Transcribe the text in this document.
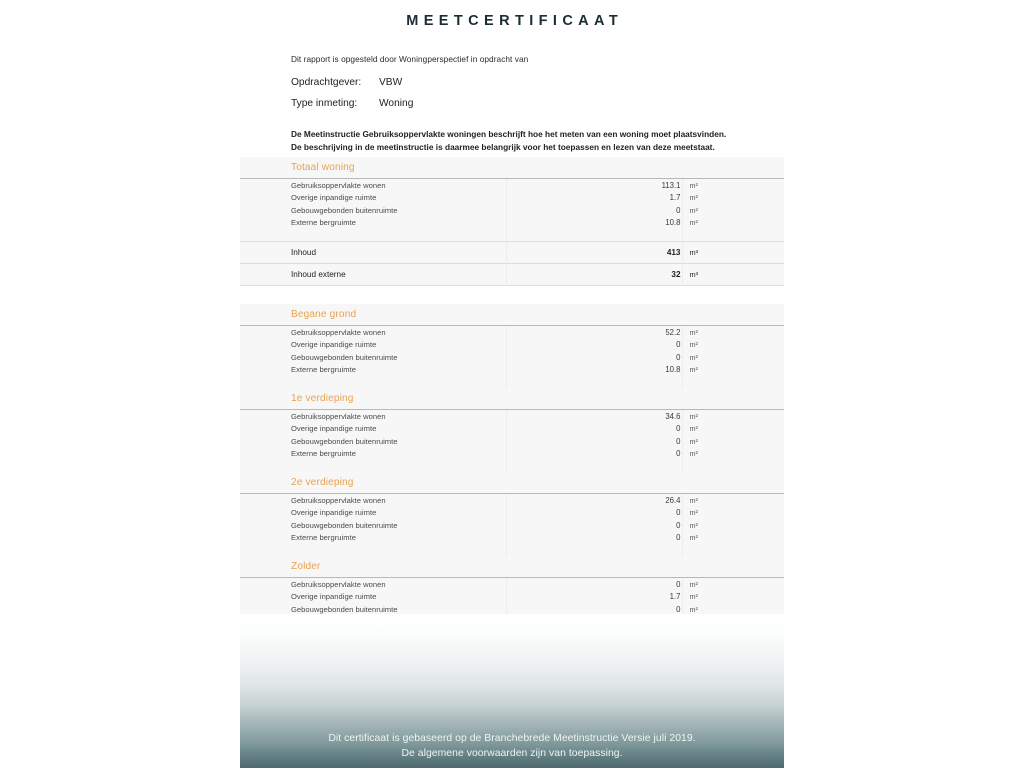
MEETCERTIFICAAT

Dit rapport is opgesteld door Woningperspectief in opdracht van

Opdrachtgever:	VBW
Type inmeting:	Woning

De Meetinstructie Gebruiksoppervlakte woningen beschrijft hoe het meten van een woning moet plaatsvinden.
De beschrijving in de meetinstructie is daarmee belangrijk voor het toepassen en lezen van deze meetstaat.

Totaal woning			
Gebruiksoppervlakte wonen		113.1	m²
Overige inpandige ruimte		1.7	m²
Gebouwgebonden buitenruimte		0	m²
Externe bergruimte		10.8	m²

Inhoud		413	m³
Inhoud externe		32	m³

Begane grond			
Gebruiksoppervlakte wonen		52.2	m²
Overige inpandige ruimte		0	m²
Gebouwgebonden buitenruimte		0	m²
Externe bergruimte		10.8	m²

1e verdieping			
Gebruiksoppervlakte wonen		34.6	m²
Overige inpandige ruimte		0	m²
Gebouwgebonden buitenruimte		0	m²
Externe bergruimte		0	m²

2e verdieping			
Gebruiksoppervlakte wonen		26.4	m²
Overige inpandige ruimte		0	m²
Gebouwgebonden buitenruimte		0	m²
Externe bergruimte		0	m²

Zolder			
Gebruiksoppervlakte wonen		0	m²
Overige inpandige ruimte		1.7	m²
Gebouwgebonden buitenruimte		0	m²

Dit certificaat is gebaseerd op de Branchebrede Meetinstructie Versie juli 2019.
De algemene voorwaarden zijn van toepassing.
